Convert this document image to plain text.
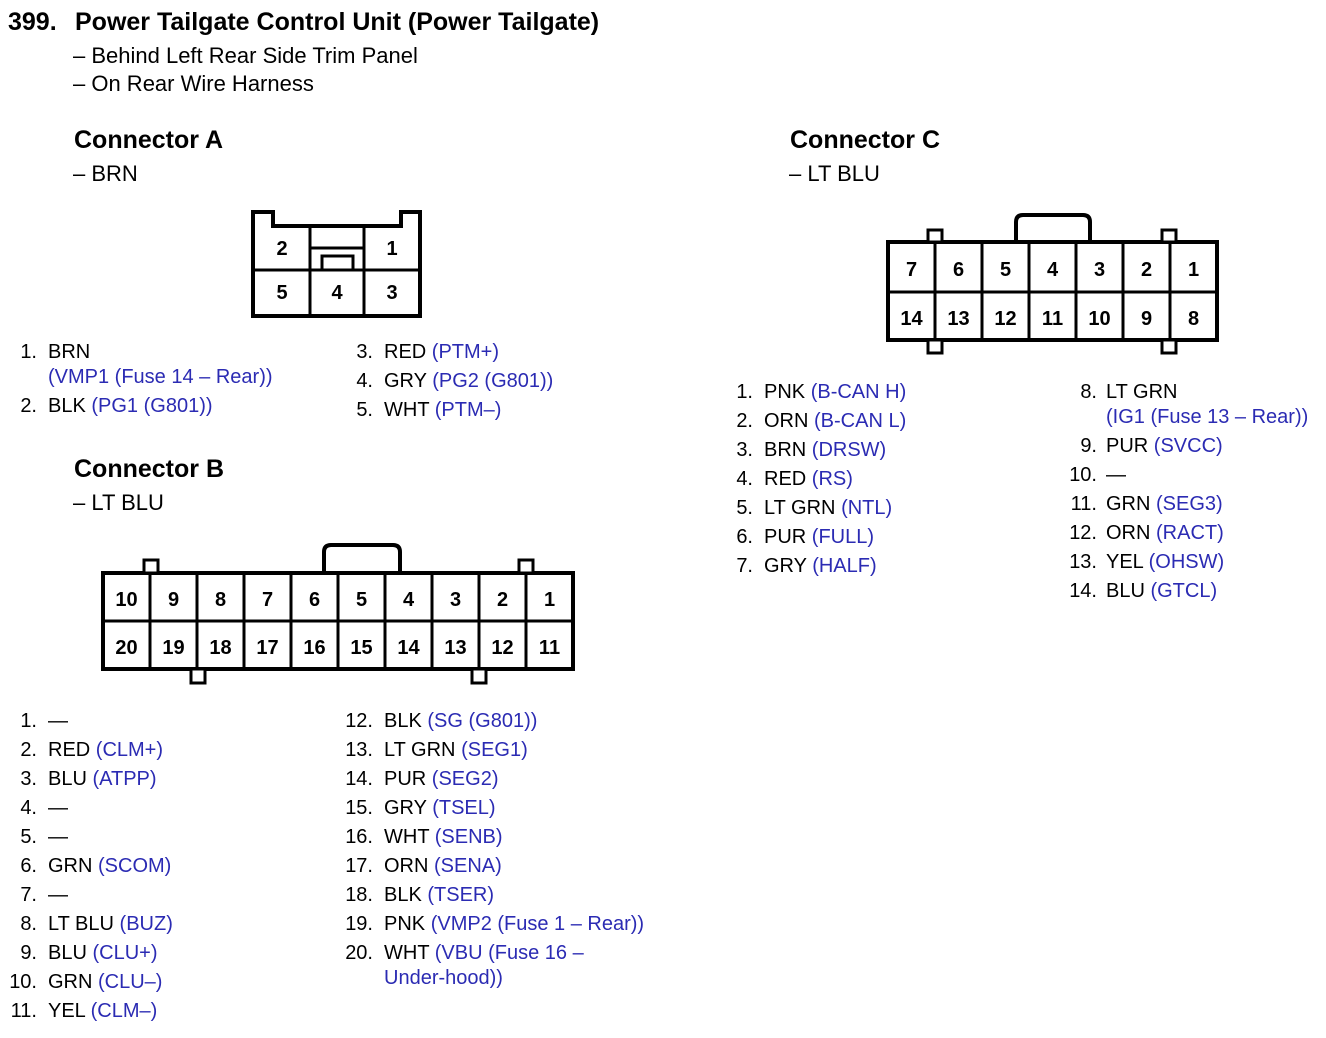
399. Power Tailgate Control Unit (Power Tailgate)
– Behind Left Rear Side Trim Panel
– On Rear Wire Harness
Connector A
– BRN
2	1
5 4 3
1. BRN
(VMP1 (Fuse 14 – Rear))
2. BLK (PG1 (G801))
3. RED (PTM+)
4. GRY (PG2 (G801))
5. WHT (PTM–)
Connector B
– LT BLU
10 9 8 7 6 5 4 3 2 1
20 19 18 17 16 15 14 13 12 11
1. —
2. RED (CLM+)
3. BLU (ATPP)
4. —
5. —
6. GRN (SCOM)
7. —
8. LT BLU (BUZ)
9. BLU (CLU+)
10. GRN (CLU–)
11. YEL (CLM–)
12. BLK (SG (G801))
13. LT GRN (SEG1)
14. PUR (SEG2)
15. GRY (TSEL)
16. WHT (SENB)
17. ORN (SENA)
18. BLK (TSER)
19. PNK (VMP2 (Fuse 1 – Rear))
20. WHT (VBU (Fuse 16 –
Under-hood))
Connector C
– LT BLU
7 6 5 4 3 2 1
14 13 12 11 10 9 8
1. PNK (B-CAN H)
2. ORN (B-CAN L)
3. BRN (DRSW)
4. RED (RS)
5. LT GRN (NTL)
6. PUR (FULL)
7. GRY (HALF)
8. LT GRN
(IG1 (Fuse 13 – Rear))
9. PUR (SVCC)
10. —
11. GRN (SEG3)
12. ORN (RACT)
13. YEL (OHSW)
14. BLU (GTCL)
